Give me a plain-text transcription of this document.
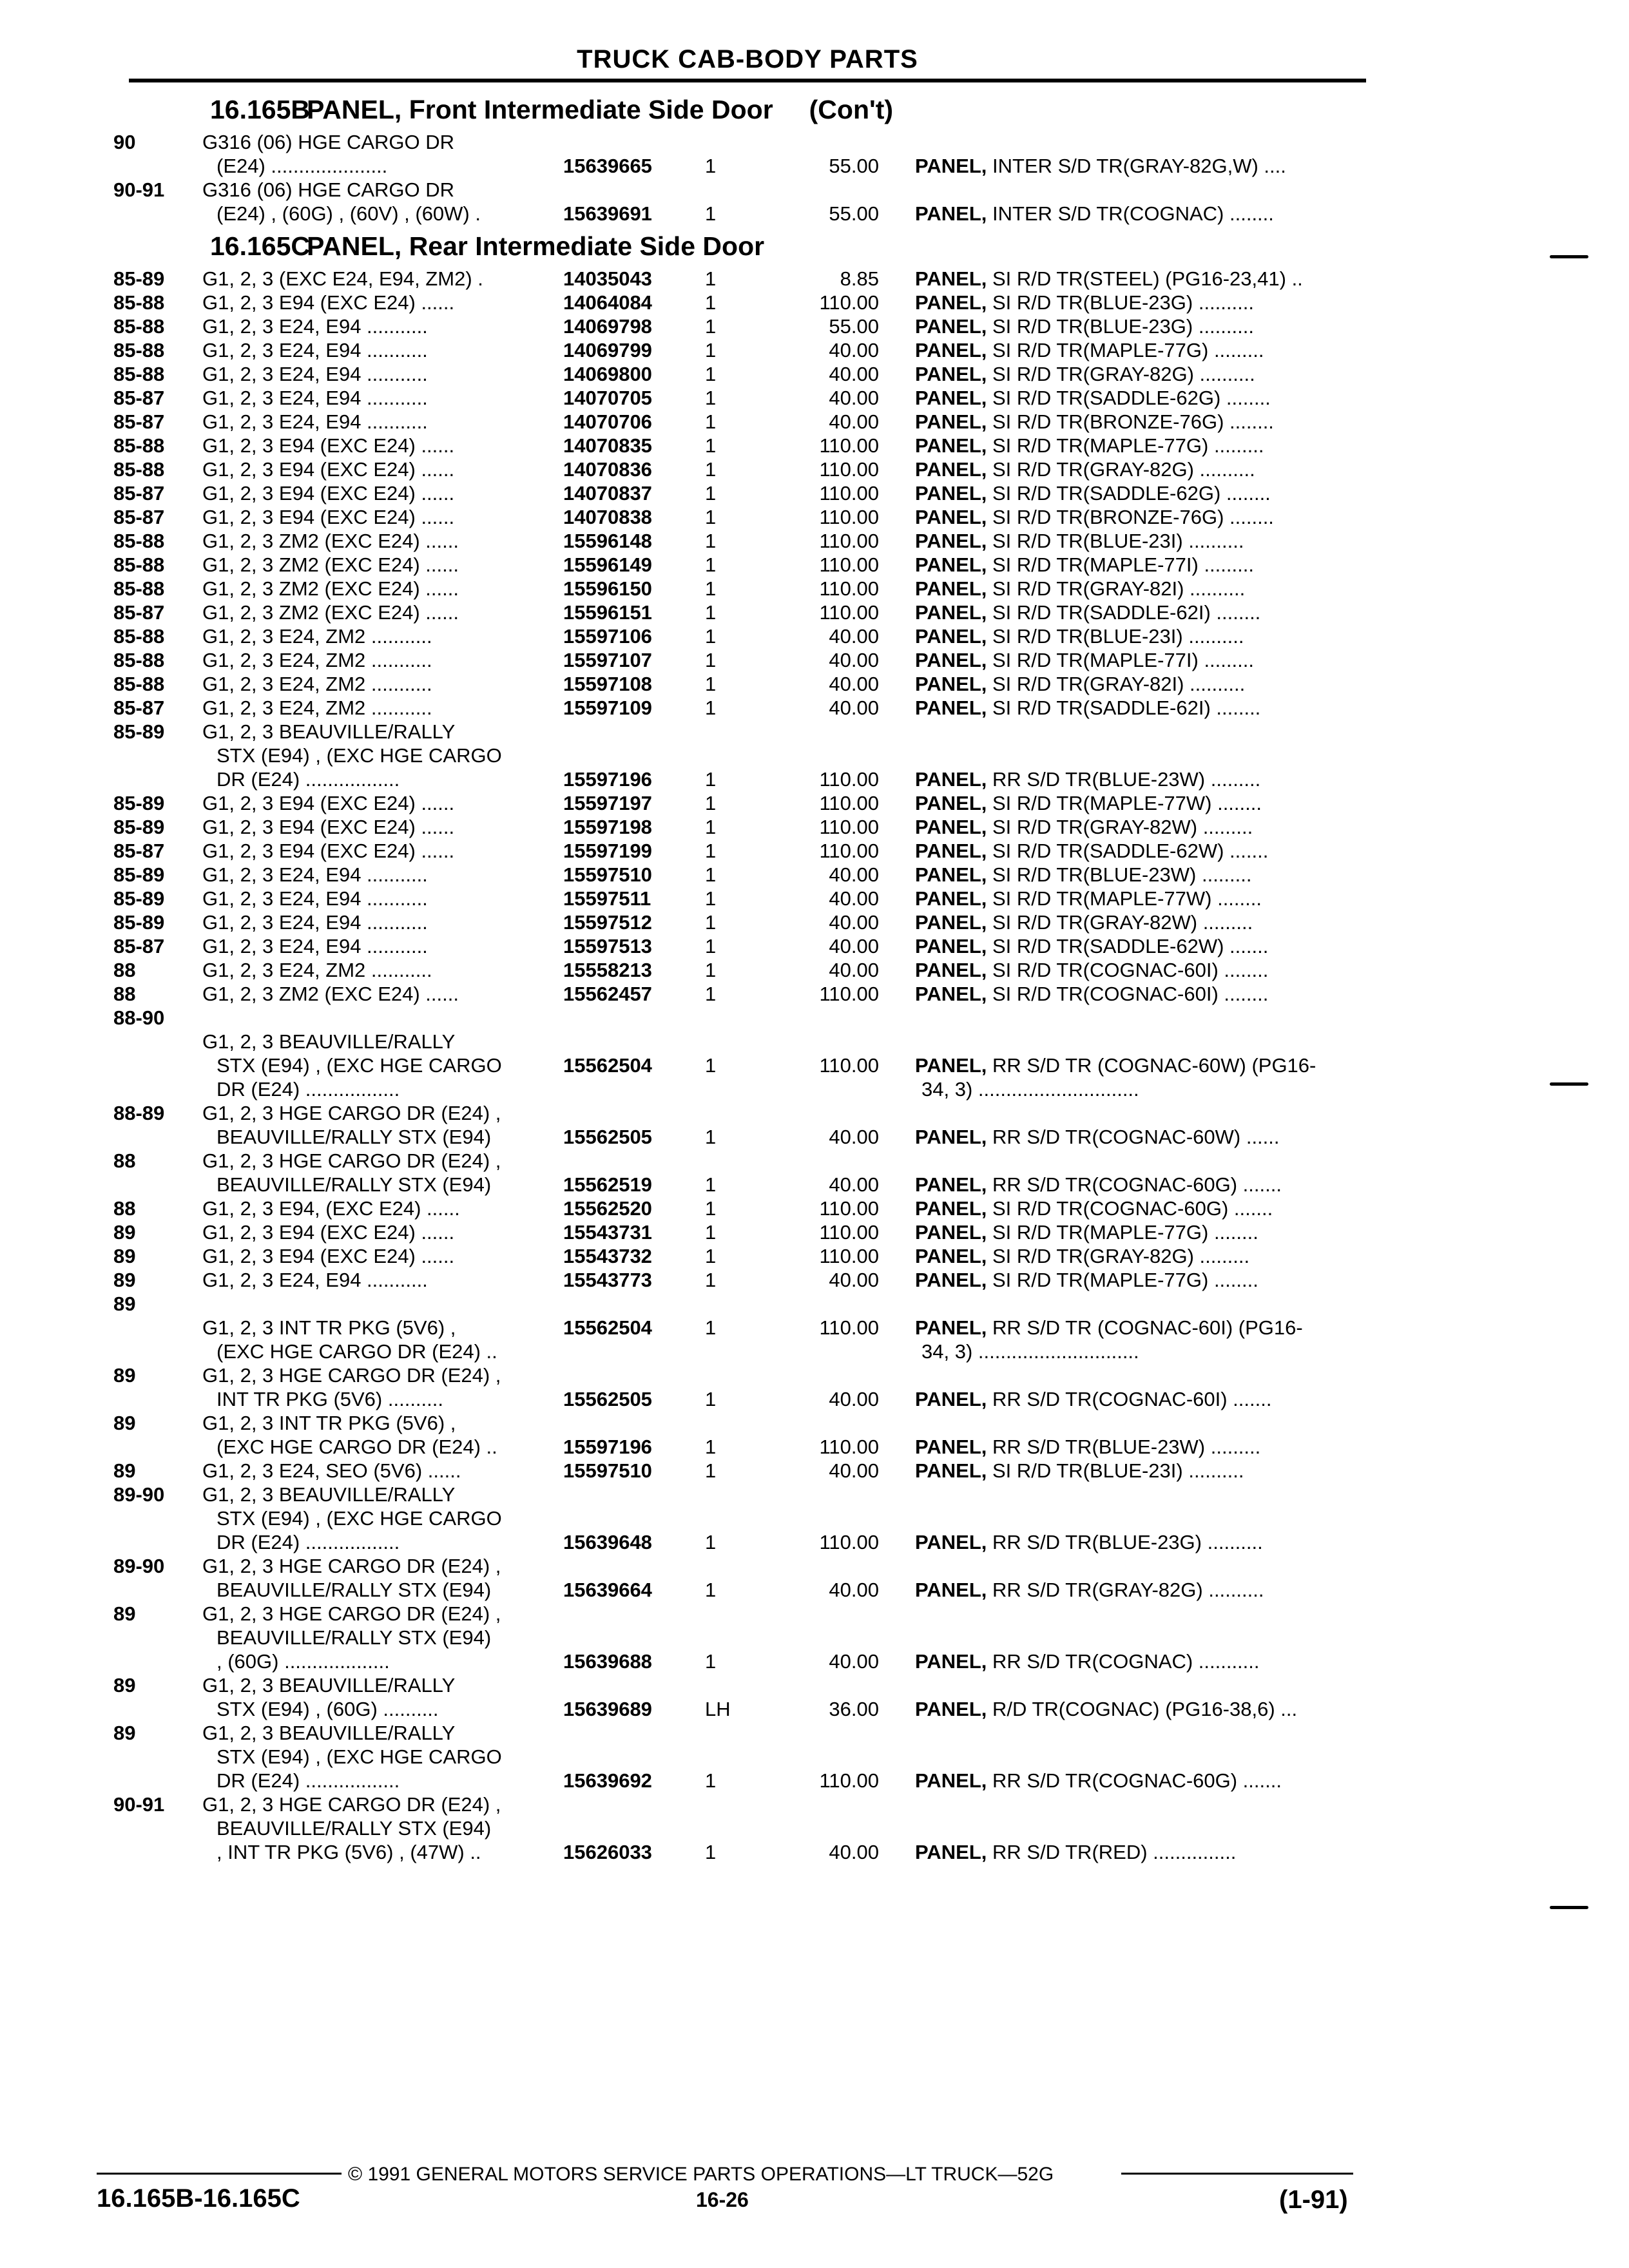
TRUCK CAB-BODY PARTS
16.165BPANEL, Front Intermediate Side Door (Con't)
90	G316 (06) HGE CARGO DR
(E24) .....................	15639665	1	55.00	PANEL, INTER S/D TR(GRAY-82G,W) ....
90-91	G316 (06) HGE CARGO DR
(E24) , (60G) , (60V) , (60W) .	15639691	1	55.00	PANEL, INTER S/D TR(COGNAC) ........
16.165CPANEL, Rear Intermediate Side Door
85-89	G1, 2, 3 (EXC E24, E94, ZM2) .	14035043	1	8.85	PANEL, SI R/D TR(STEEL) (PG16-23,41) ..
85-88	G1, 2, 3 E94 (EXC E24) ......	14064084	1	110.00	PANEL, SI R/D TR(BLUE-23G) ..........
85-88	G1, 2, 3 E24, E94 ...........	14069798	1	55.00	PANEL, SI R/D TR(BLUE-23G) ..........
85-88	G1, 2, 3 E24, E94 ...........	14069799	1	40.00	PANEL, SI R/D TR(MAPLE-77G) .........
85-88	G1, 2, 3 E24, E94 ...........	14069800	1	40.00	PANEL, SI R/D TR(GRAY-82G) ..........
85-87	G1, 2, 3 E24, E94 ...........	14070705	1	40.00	PANEL, SI R/D TR(SADDLE-62G) ........
85-87	G1, 2, 3 E24, E94 ...........	14070706	1	40.00	PANEL, SI R/D TR(BRONZE-76G) ........
85-88	G1, 2, 3 E94 (EXC E24) ......	14070835	1	110.00	PANEL, SI R/D TR(MAPLE-77G) .........
85-88	G1, 2, 3 E94 (EXC E24) ......	14070836	1	110.00	PANEL, SI R/D TR(GRAY-82G) ..........
85-87	G1, 2, 3 E94 (EXC E24) ......	14070837	1	110.00	PANEL, SI R/D TR(SADDLE-62G) ........
85-87	G1, 2, 3 E94 (EXC E24) ......	14070838	1	110.00	PANEL, SI R/D TR(BRONZE-76G) ........
85-88	G1, 2, 3 ZM2 (EXC E24) ......	15596148	1	110.00	PANEL, SI R/D TR(BLUE-23I) ..........
85-88	G1, 2, 3 ZM2 (EXC E24) ......	15596149	1	110.00	PANEL, SI R/D TR(MAPLE-77I) .........
85-88	G1, 2, 3 ZM2 (EXC E24) ......	15596150	1	110.00	PANEL, SI R/D TR(GRAY-82I) ..........
85-87	G1, 2, 3 ZM2 (EXC E24) ......	15596151	1	110.00	PANEL, SI R/D TR(SADDLE-62I) ........
85-88	G1, 2, 3 E24, ZM2 ...........	15597106	1	40.00	PANEL, SI R/D TR(BLUE-23I) ..........
85-88	G1, 2, 3 E24, ZM2 ...........	15597107	1	40.00	PANEL, SI R/D TR(MAPLE-77I) .........
85-88	G1, 2, 3 E24, ZM2 ...........	15597108	1	40.00	PANEL, SI R/D TR(GRAY-82I) ..........
85-87	G1, 2, 3 E24, ZM2 ...........	15597109	1	40.00	PANEL, SI R/D TR(SADDLE-62I) ........
85-89	G1, 2, 3 BEAUVILLE/RALLY
STX (E94) , (EXC HGE CARGO
DR (E24) .................	15597196	1	110.00	PANEL, RR S/D TR(BLUE-23W) .........
85-89	G1, 2, 3 E94 (EXC E24) ......	15597197	1	110.00	PANEL, SI R/D TR(MAPLE-77W) ........
85-89	G1, 2, 3 E94 (EXC E24) ......	15597198	1	110.00	PANEL, SI R/D TR(GRAY-82W) .........
85-87	G1, 2, 3 E94 (EXC E24) ......	15597199	1	110.00	PANEL, SI R/D TR(SADDLE-62W) .......
85-89	G1, 2, 3 E24, E94 ...........	15597510	1	40.00	PANEL, SI R/D TR(BLUE-23W) .........
85-89	G1, 2, 3 E24, E94 ...........	15597511	1	40.00	PANEL, SI R/D TR(MAPLE-77W) ........
85-89	G1, 2, 3 E24, E94 ...........	15597512	1	40.00	PANEL, SI R/D TR(GRAY-82W) .........
85-87	G1, 2, 3 E24, E94 ...........	15597513	1	40.00	PANEL, SI R/D TR(SADDLE-62W) .......
88	G1, 2, 3 E24, ZM2 ...........	15558213	1	40.00	PANEL, SI R/D TR(COGNAC-60I) ........
88	G1, 2, 3 ZM2 (EXC E24) ......	15562457	1	110.00	PANEL, SI R/D TR(COGNAC-60I) ........
88-90
G1, 2, 3 BEAUVILLE/RALLY
STX (E94) , (EXC HGE CARGO
DR (E24) .................
15562504	1	110.00	PANEL, RR S/D TR (COGNAC-60W) (PG16-
34, 3) .............................
88-89	G1, 2, 3 HGE CARGO DR (E24) ,
BEAUVILLE/RALLY STX (E94)	15562505	1	40.00	PANEL, RR S/D TR(COGNAC-60W) ......
88	G1, 2, 3 HGE CARGO DR (E24) ,
BEAUVILLE/RALLY STX (E94)	15562519	1	40.00	PANEL, RR S/D TR(COGNAC-60G) .......
88	G1, 2, 3 E94, (EXC E24) ......	15562520	1	110.00	PANEL, SI R/D TR(COGNAC-60G) .......
89	G1, 2, 3 E94 (EXC E24) ......	15543731	1	110.00	PANEL, SI R/D TR(MAPLE-77G) ........
89	G1, 2, 3 E94 (EXC E24) ......	15543732	1	110.00	PANEL, SI R/D TR(GRAY-82G) .........
89	G1, 2, 3 E24, E94 ...........	15543773	1	40.00	PANEL, SI R/D TR(MAPLE-77G) ........
89
G1, 2, 3 INT TR PKG (5V6) ,
(EXC HGE CARGO DR (E24) ..
15562504	1	110.00	PANEL, RR S/D TR (COGNAC-60I) (PG16-
34, 3) .............................
89	G1, 2, 3 HGE CARGO DR (E24) ,
INT TR PKG (5V6) ..........	15562505	1	40.00	PANEL, RR S/D TR(COGNAC-60I) .......
89	G1, 2, 3 INT TR PKG (5V6) ,
(EXC HGE CARGO DR (E24) ..	15597196	1	110.00	PANEL, RR S/D TR(BLUE-23W) .........
89	G1, 2, 3 E24, SEO (5V6) ......	15597510	1	40.00	PANEL, SI R/D TR(BLUE-23I) ..........
89-90	G1, 2, 3 BEAUVILLE/RALLY
STX (E94) , (EXC HGE CARGO
DR (E24) .................	15639648	1	110.00	PANEL, RR S/D TR(BLUE-23G) ..........
89-90	G1, 2, 3 HGE CARGO DR (E24) ,
BEAUVILLE/RALLY STX (E94)	15639664	1	40.00	PANEL, RR S/D TR(GRAY-82G) ..........
89	G1, 2, 3 HGE CARGO DR (E24) ,
BEAUVILLE/RALLY STX (E94)
, (60G) ...................	15639688	1	40.00	PANEL, RR S/D TR(COGNAC) ...........
89	G1, 2, 3 BEAUVILLE/RALLY
STX (E94) , (60G) ..........	15639689	LH	36.00	PANEL, R/D TR(COGNAC) (PG16-38,6) ...
89	G1, 2, 3 BEAUVILLE/RALLY
STX (E94) , (EXC HGE CARGO
DR (E24) .................	15639692	1	110.00	PANEL, RR S/D TR(COGNAC-60G) .......
90-91	G1, 2, 3 HGE CARGO DR (E24) ,
BEAUVILLE/RALLY STX (E94)
, INT TR PKG (5V6) , (47W) ..	15626033	1	40.00	PANEL, RR S/D TR(RED) ...............
© 1991 GENERAL MOTORS SERVICE PARTS OPERATIONS—LT TRUCK—52G
16.165B-16.165C	16-26	(1-91)
